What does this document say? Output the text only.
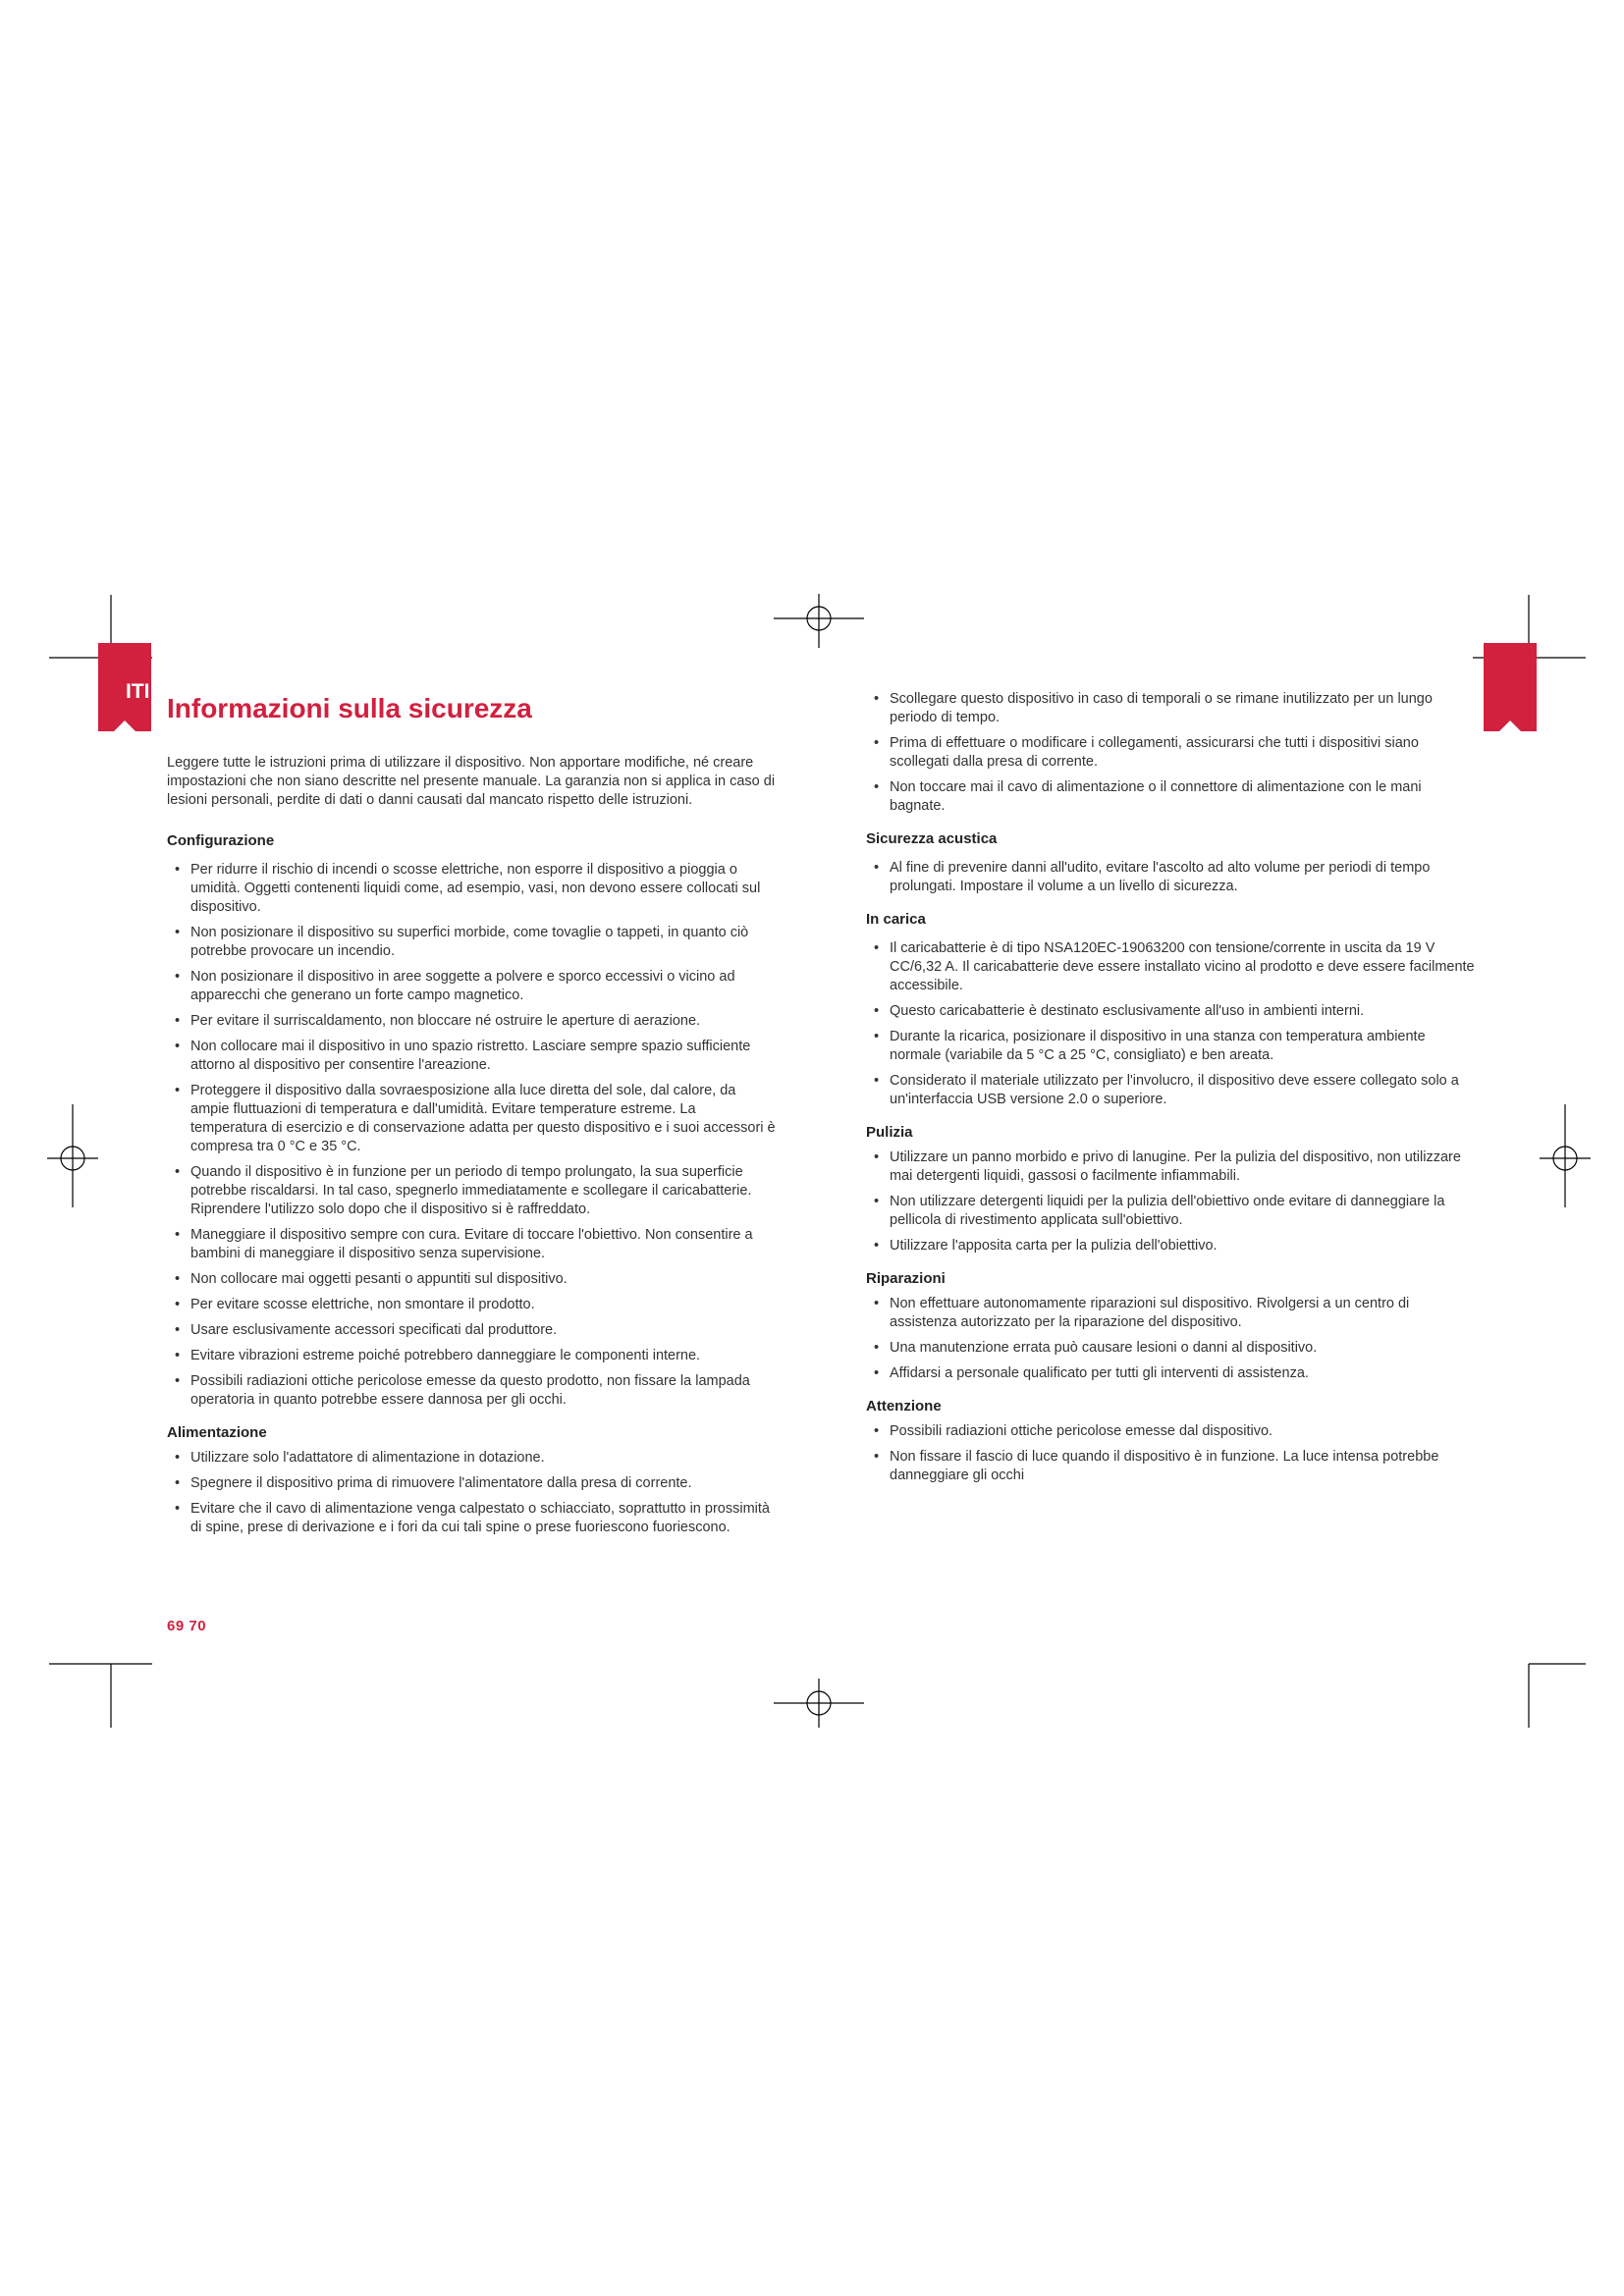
ITI
Informazioni sulla sicurezza

Leggere tutte le istruzioni prima di utilizzare il dispositivo. Non apportare modifiche, né creare impostazioni che non siano descritte nel presente manuale. La garanzia non si applica in caso di lesioni personali, perdite di dati o danni causati dal mancato rispetto delle istruzioni.

Configurazione
• Per ridurre il rischio di incendi o scosse elettriche, non esporre il dispositivo a pioggia o umidità. Oggetti contenenti liquidi come, ad esempio, vasi, non devono essere collocati sul dispositivo.
• Non posizionare il dispositivo su superfici morbide, come tovaglie o tappeti, in quanto ciò potrebbe provocare un incendio.
• Non posizionare il dispositivo in aree soggette a polvere e sporco eccessivi o vicino ad apparecchi che generano un forte campo magnetico.
• Per evitare il surriscaldamento, non bloccare né ostruire le aperture di aerazione.
• Non collocare mai il dispositivo in uno spazio ristretto. Lasciare sempre spazio sufficiente attorno al dispositivo per consentire l'areazione.
• Proteggere il dispositivo dalla sovraesposizione alla luce diretta del sole, dal calore, da ampie fluttuazioni di temperatura e dall'umidità. Evitare temperature estreme. La temperatura di esercizio e di conservazione adatta per questo dispositivo e i suoi accessori è compresa tra 0 °C e 35 °C.
• Quando il dispositivo è in funzione per un periodo di tempo prolungato, la sua superficie potrebbe riscaldarsi. In tal caso, spegnerlo immediatamente e scollegare il caricabatterie. Riprendere l'utilizzo solo dopo che il dispositivo si è raffreddato.
• Maneggiare il dispositivo sempre con cura. Evitare di toccare l'obiettivo. Non consentire a bambini di maneggiare il dispositivo senza supervisione.
• Non collocare mai oggetti pesanti o appuntiti sul dispositivo.
• Per evitare scosse elettriche, non smontare il prodotto.
• Usare esclusivamente accessori specificati dal produttore.
• Evitare vibrazioni estreme poiché potrebbero danneggiare le componenti interne.
• Possibili radiazioni ottiche pericolose emesse da questo prodotto, non fissare la lampada operatoria in quanto potrebbe essere dannosa per gli occhi.
Alimentazione
• Utilizzare solo l'adattatore di alimentazione in dotazione.
• Spegnere il dispositivo prima di rimuovere l'alimentatore dalla presa di corrente.
• Evitare che il cavo di alimentazione venga calpestato o schiacciato, soprattutto in prossimità di spine, prese di derivazione e i fori da cui tali spine o prese fuoriescono fuoriescono.
69 70
• Scollegare questo dispositivo in caso di temporali o se rimane inutilizzato per un lungo periodo di tempo.
• Prima di effettuare o modificare i collegamenti, assicurarsi che tutti i dispositivi siano scollegati dalla presa di corrente.
• Non toccare mai il cavo di alimentazione o il connettore di alimentazione con le mani bagnate.
Sicurezza acustica
• Al fine di prevenire danni all'udito, evitare l'ascolto ad alto volume per periodi di tempo prolungati. Impostare il volume a un livello di sicurezza.
In carica
• Il caricabatterie è di tipo NSA120EC-19063200 con tensione/corrente in uscita da 19 V CC/6,32 A. Il caricabatterie deve essere installato vicino al prodotto e deve essere facilmente accessibile.
• Questo caricabatterie è destinato esclusivamente all'uso in ambienti interni.
• Durante la ricarica, posizionare il dispositivo in una stanza con temperatura ambiente normale (variabile da 5 °C a 25 °C, consigliato) e ben areata.
• Considerato il materiale utilizzato per l'involucro, il dispositivo deve essere collegato solo a un'interfaccia USB versione 2.0 o superiore.
Pulizia
• Utilizzare un panno morbido e privo di lanugine. Per la pulizia del dispositivo, non utilizzare mai detergenti liquidi, gassosi o facilmente infiammabili.
• Non utilizzare detergenti liquidi per la pulizia dell'obiettivo onde evitare di danneggiare la pellicola di rivestimento applicata sull'obiettivo.
• Utilizzare l'apposita carta per la pulizia dell'obiettivo.
Riparazioni
• Non effettuare autonomamente riparazioni sul dispositivo. Rivolgersi a un centro di assistenza autorizzato per la riparazione del dispositivo.
• Una manutenzione errata può causare lesioni o danni al dispositivo.
• Affidarsi a personale qualificato per tutti gli interventi di assistenza.
Attenzione
• Possibili radiazioni ottiche pericolose emesse dal dispositivo.
• Non fissare il fascio di luce quando il dispositivo è in funzione. La luce intensa potrebbe danneggiare gli occhi
